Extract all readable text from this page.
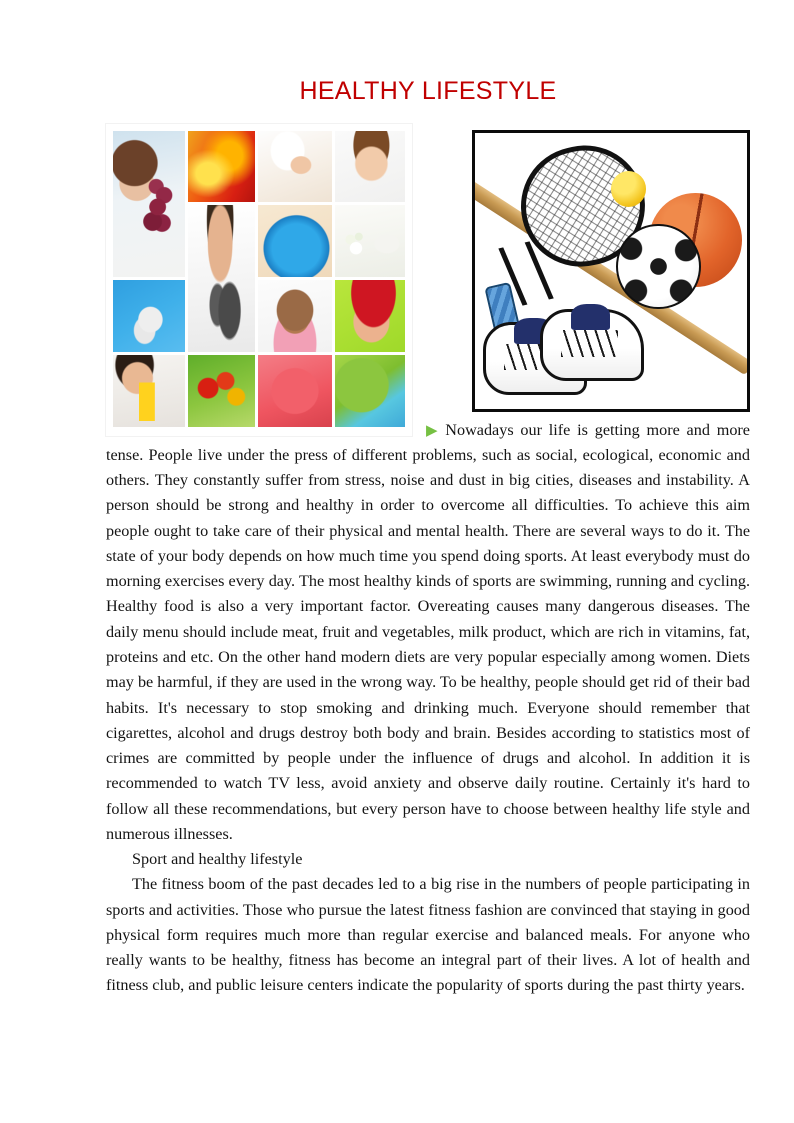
HEALTHY LIFESTYLE

▶ Nowadays our life is getting more and more tense. People live under the press of different problems, such as social, ecological, economic and others. They constantly suffer from stress, noise and dust in big cities, diseases and instability. A person should be strong and healthy in order to overcome all difficulties. To achieve this aim people ought to take care of their physical and mental health. There are several ways to do it. The state of your body depends on how much time you spend doing sports. At least everybody must do morning exercises every day. The most healthy kinds of sports are swimming, running and cycling. Healthy food is also a very important factor. Overeating causes many dangerous diseases. The daily menu should include meat, fruit and vegetables, milk product, which are rich in vitamins, fat, proteins and etc. On the other hand modern diets are very popular especially among women. Diets may be harmful, if they are used in the wrong way. To be healthy, people should get rid of their bad habits. It's necessary to stop smoking and drinking much. Everyone should remember that cigarettes, alcohol and drugs destroy both body and brain. Besides according to statistics most of crimes are committed by people under the influence of drugs and alcohol. In addition it is recommended to watch TV less, avoid anxiety and observe daily routine. Certainly it's hard to follow all these recommendations, but every person have to choose between healthy life style and numerous illnesses.

Sport and healthy lifestyle

The fitness boom of the past decades led to a big rise in the numbers of people participating in sports and activities. Those who pursue the latest fitness fashion are convinced that staying in good physical form requires much more than regular exercise and balanced meals. For anyone who really wants to be healthy, fitness has become an integral part of their lives. A lot of health and fitness club, and public leisure centers indicate the popularity of sports during the past thirty years.
